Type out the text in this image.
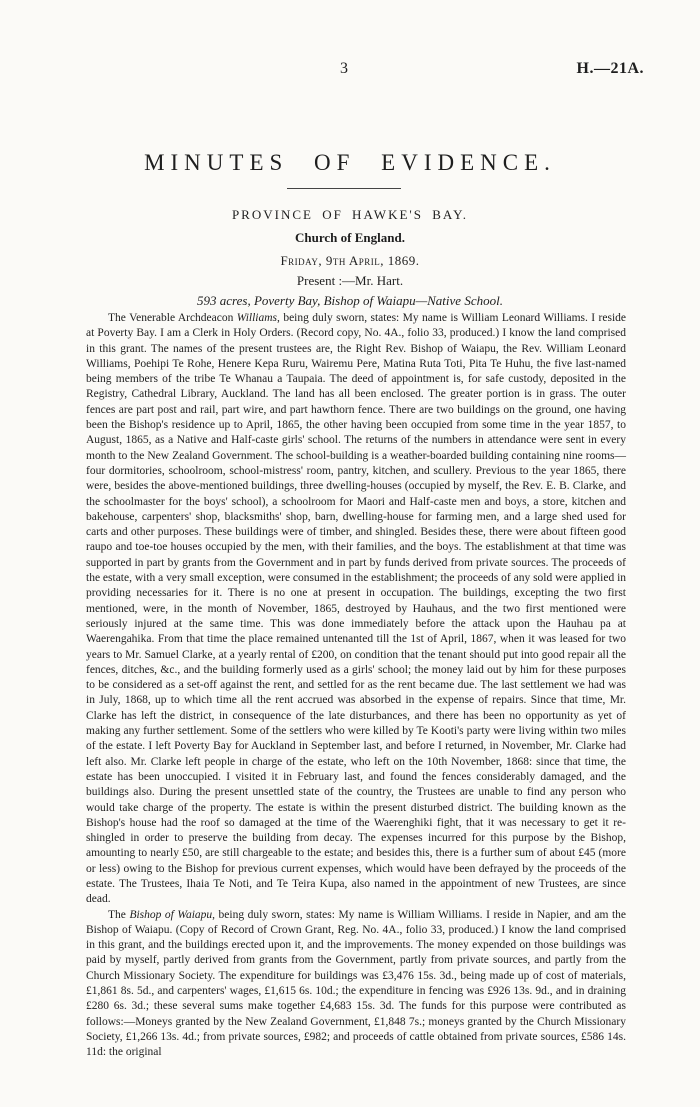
3	H.—21A.
MINUTES OF EVIDENCE.
PROVINCE OF HAWKE'S BAY.
Church of England.
Friday, 9th April, 1869.
Present :—Mr. Hart.
593 acres, Poverty Bay, Bishop of Waiapu—Native School.

The Venerable Archdeacon Williams, being duly sworn, states: My name is William Leonard Williams. I reside at Poverty Bay. I am a Clerk in Holy Orders. (Record copy, No. 4A., folio 33, produced.) I know the land comprised in this grant. The names of the present trustees are, the Right Rev. Bishop of Waiapu, the Rev. William Leonard Williams, Poehipi Te Rohe, Henere Kepa Ruru, Wairemu Pere, Matina Ruta Toti, Pita Te Huhu, the five last-named being members of the tribe Te Whanau a Taupaia. The deed of appointment is, for safe custody, deposited in the Registry, Cathedral Library, Auckland. The land has all been enclosed. The greater portion is in grass. The outer fences are part post and rail, part wire, and part hawthorn fence. There are two buildings on the ground, one having been the Bishop's residence up to April, 1865, the other having been occupied from some time in the year 1857, to August, 1865, as a Native and Half-caste girls' school. The returns of the numbers in attendance were sent in every month to the New Zealand Government. The school-building is a weather-boarded building containing nine rooms—four dormitories, schoolroom, school-mistress' room, pantry, kitchen, and scullery. Previous to the year 1865, there were, besides the above-mentioned buildings, three dwelling-houses (occupied by myself, the Rev. E. B. Clarke, and the schoolmaster for the boys' school), a schoolroom for Maori and Half-caste men and boys, a store, kitchen and bakehouse, carpenters' shop, blacksmiths' shop, barn, dwelling-house for farming men, and a large shed used for carts and other purposes. These buildings were of timber, and shingled. Besides these, there were about fifteen good raupo and toe-toe houses occupied by the men, with their families, and the boys. The establishment at that time was supported in part by grants from the Government and in part by funds derived from private sources. The proceeds of the estate, with a very small exception, were consumed in the establishment; the proceeds of any sold were applied in providing necessaries for it. There is no one at present in occupation. The buildings, excepting the two first mentioned, were, in the month of November, 1865, destroyed by Hauhaus, and the two first mentioned were seriously injured at the same time. This was done immediately before the attack upon the Hauhau pa at Waerengahika. From that time the place remained untenanted till the 1st of April, 1867, when it was leased for two years to Mr. Samuel Clarke, at a yearly rental of £200, on condition that the tenant should put into good repair all the fences, ditches, &c., and the building formerly used as a girls' school; the money laid out by him for these purposes to be considered as a set-off against the rent, and settled for as the rent became due. The last settlement we had was in July, 1868, up to which time all the rent accrued was absorbed in the expense of repairs. Since that time, Mr. Clarke has left the district, in consequence of the late disturbances, and there has been no opportunity as yet of making any further settlement. Some of the settlers who were killed by Te Kooti's party were living within two miles of the estate. I left Poverty Bay for Auckland in September last, and before I returned, in November, Mr. Clarke had left also. Mr. Clarke left people in charge of the estate, who left on the 10th November, 1868: since that time, the estate has been unoccupied. I visited it in February last, and found the fences considerably damaged, and the buildings also. During the present unsettled state of the country, the Trustees are unable to find any person who would take charge of the property. The estate is within the present disturbed district. The building known as the Bishop's house had the roof so damaged at the time of the Waerenghiki fight, that it was necessary to get it re-shingled in order to preserve the building from decay. The expenses incurred for this purpose by the Bishop, amounting to nearly £50, are still chargeable to the estate; and besides this, there is a further sum of about £45 (more or less) owing to the Bishop for previous current expenses, which would have been defrayed by the proceeds of the estate. The Trustees, Ihaia Te Noti, and Te Teira Kupa, also named in the appointment of new Trustees, are since dead.

The Bishop of Waiapu, being duly sworn, states: My name is William Williams. I reside in Napier, and am the Bishop of Waiapu. (Copy of Record of Crown Grant, Reg. No. 4A., folio 33, produced.) I know the land comprised in this grant, and the buildings erected upon it, and the improvements. The money expended on those buildings was paid by myself, partly derived from grants from the Government, partly from private sources, and partly from the Church Missionary Society. The expenditure for buildings was £3,476 15s. 3d., being made up of cost of materials, £1,861 8s. 5d., and carpenters' wages, £1,615 6s. 10d.; the expenditure in fencing was £926 13s. 9d., and in draining £280 6s. 3d.; these several sums make together £4,683 15s. 3d. The funds for this purpose were contributed as follows:—Moneys granted by the New Zealand Government, £1,848 7s.; moneys granted by the Church Missionary Society, £1,266 13s. 4d.; from private sources, £982; and proceeds of cattle obtained from private sources, £586 14s. 11d: the original
